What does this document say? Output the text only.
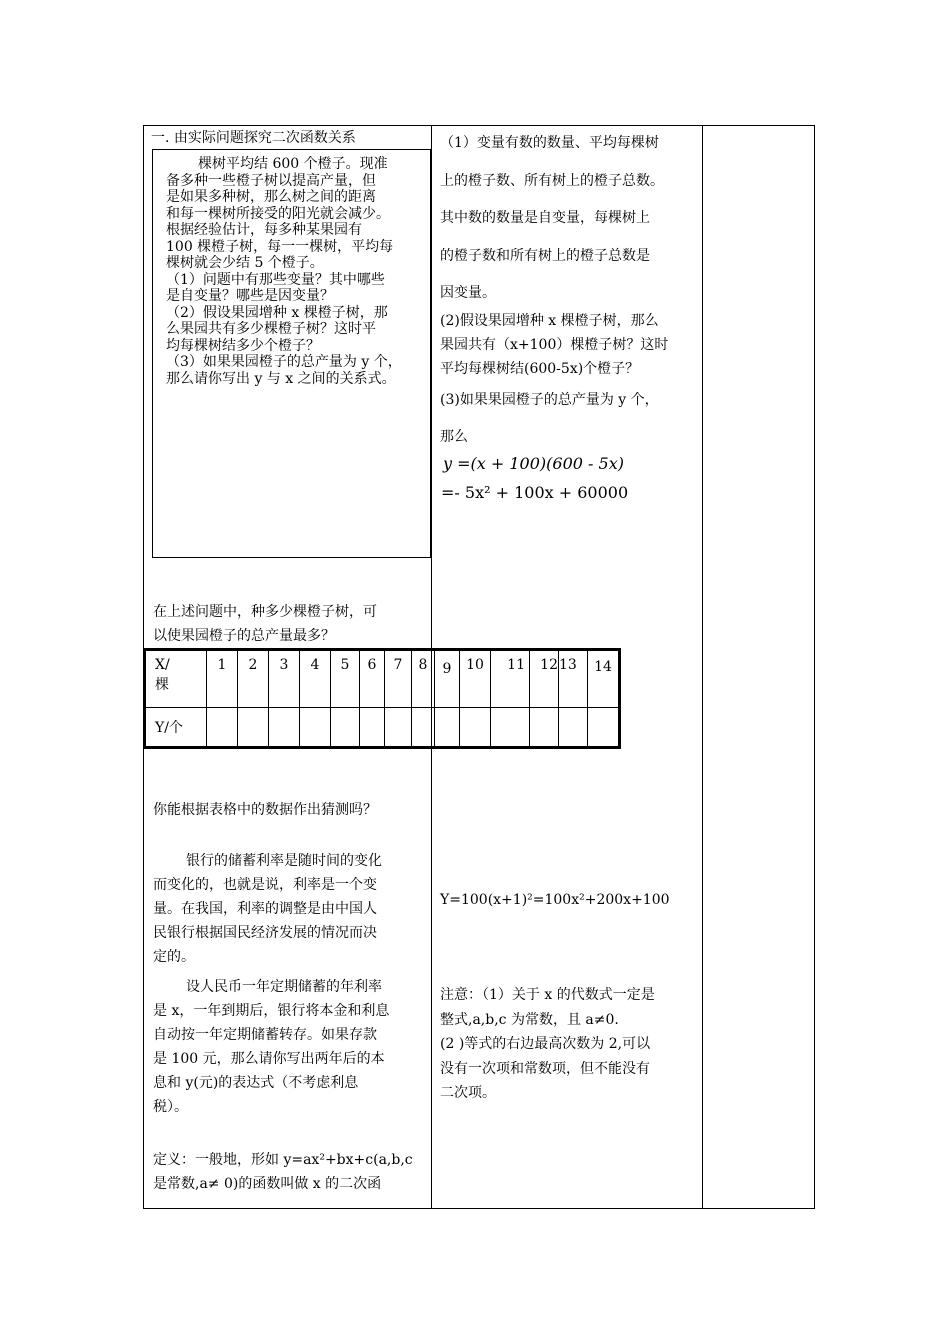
一. 由实际问题探究二次函数关系
棵树平均结 600 个橙子。现准
备多种一些橙子树以提高产量，但
是如果多种树，那么树之间的距离
和每一棵树所接受的阳光就会减少。
根据经验估计，每多种某果园有
100 棵橙子树，每一一棵树，平均每
棵树就会少结 5 个橙子。
（1）问题中有那些变量？其中哪些
是自变量？哪些是因变量？
（2）假设果园增种 x 棵橙子树，那
么果园共有多少棵橙子树？这时平
均每棵树结多少个橙子？
（3）如果果园橙子的总产量为 y 个，
那么请你写出 y 与 x 之间的关系式。
在上述问题中，种多少棵橙子树，可
以使果园橙子的总产量最多？
X/
棵	1	2	3	4	5	6	7	8	9	10	11	12	13	14
Y/个														
你能根据表格中的数据作出猜测吗？
银行的储蓄利率是随时间的变化
而变化的，也就是说，利率是一个变
量。在我国，利率的调整是由中国人
民银行根据国民经济发展的情况而决
定的。
设人民币一年定期储蓄的年利率
是 x，一年到期后，银行将本金和利息
自动按一年定期储蓄转存。如果存款
是 100 元，那么请你写出两年后的本
息和 y(元)的表达式（不考虑利息
税）。
定义：一般地，形如 y=ax²+bx+c(a,b,c
是常数,a≠ 0)的函数叫做 x 的二次函
（1）变量有数的数量、平均每棵树
上的橙子数、所有树上的橙子总数。
其中数的数量是自变量，每棵树上
的橙子数和所有树上的橙子总数是
因变量。
(2)假设果园增种 x 棵橙子树，那么
果园共有（x+100）棵橙子树？这时
平均每棵树结(600-5x)个橙子？
(3)如果果园橙子的总产量为 y 个，
那么
y =(x + 100)(600 - 5x)
=- 5x² + 100x + 60000
Y=100(x+1)²=100x²+200x+100
注意：（1）关于 x 的代数式一定是
整式,a,b,c 为常数，且 a≠0.
(2 )等式的右边最高次数为 2,可以
没有一次项和常数项，但不能没有
二次项。
